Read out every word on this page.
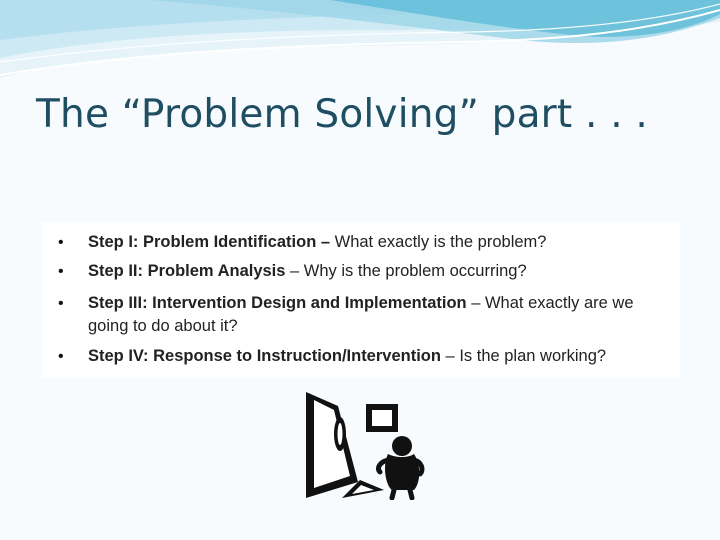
The “Problem Solving” part . . .
• Step I: Problem Identification – What exactly is the problem?
• Step II: Problem Analysis – Why is the problem occurring?
• Step III: Intervention Design and Implementation – What exactly are we going to do about it?
• Step IV: Response to Instruction/Intervention – Is the plan working?
